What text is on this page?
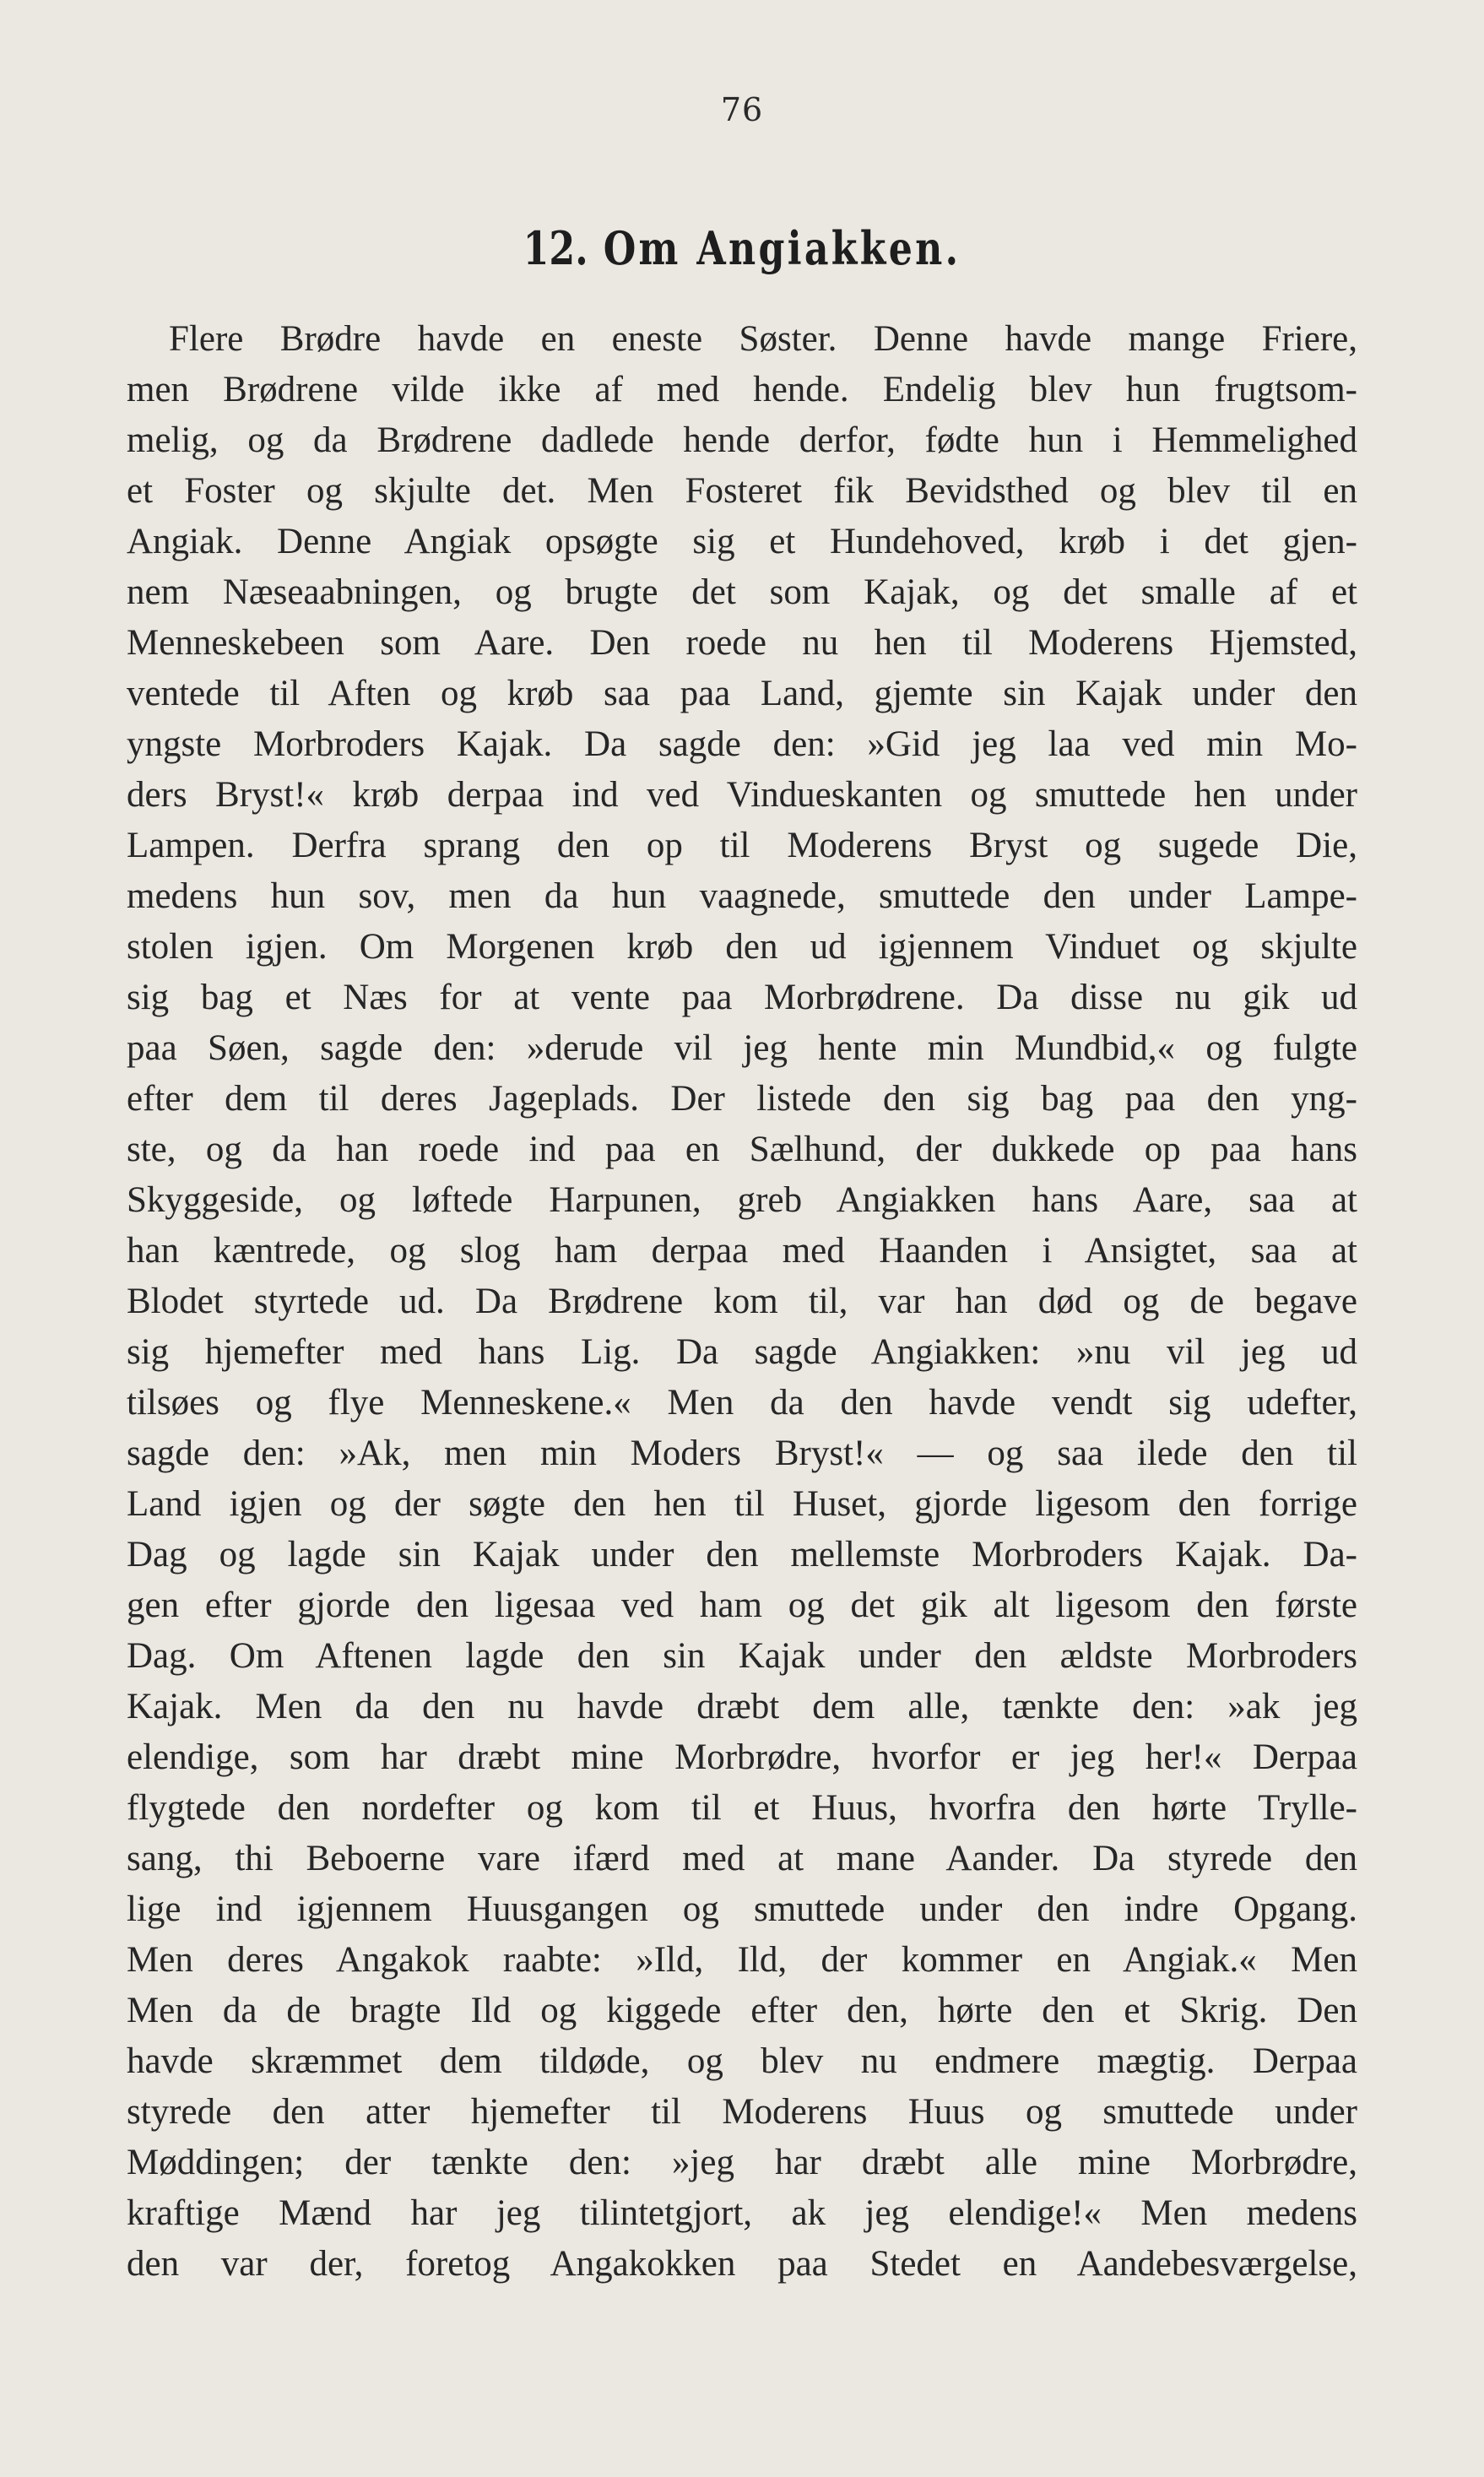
76
12. Om Angiakken.
Flere Brødre havde en eneste Søster. Denne havde mange Friere,
men Brødrene vilde ikke af med hende. Endelig blev hun frugtsom-
melig, og da Brødrene dadlede hende derfor, fødte hun i Hemmelighed
et Foster og skjulte det. Men Fosteret fik Bevidsthed og blev til en
Angiak. Denne Angiak opsøgte sig et Hundehoved, krøb i det gjen-
nem Næseaabningen, og brugte det som Kajak, og det smalle af et
Menneskebeen som Aare. Den roede nu hen til Moderens Hjemsted,
ventede til Aften og krøb saa paa Land, gjemte sin Kajak under den
yngste Morbroders Kajak. Da sagde den: »Gid jeg laa ved min Mo-
ders Bryst!« krøb derpaa ind ved Vindueskanten og smuttede hen under
Lampen. Derfra sprang den op til Moderens Bryst og sugede Die,
medens hun sov, men da hun vaagnede, smuttede den under Lampe-
stolen igjen. Om Morgenen krøb den ud igjennem Vinduet og skjulte
sig bag et Næs for at vente paa Morbrødrene. Da disse nu gik ud
paa Søen, sagde den: »derude vil jeg hente min Mundbid,« og fulgte
efter dem til deres Jageplads. Der listede den sig bag paa den yng-
ste, og da han roede ind paa en Sælhund, der dukkede op paa hans
Skyggeside, og løftede Harpunen, greb Angiakken hans Aare, saa at
han kæntrede, og slog ham derpaa med Haanden i Ansigtet, saa at
Blodet styrtede ud. Da Brødrene kom til, var han død og de begave
sig hjemefter med hans Lig. Da sagde Angiakken: »nu vil jeg ud
tilsøes og flye Menneskene.« Men da den havde vendt sig udefter,
sagde den: »Ak, men min Moders Bryst!« — og saa ilede den til
Land igjen og der søgte den hen til Huset, gjorde ligesom den forrige
Dag og lagde sin Kajak under den mellemste Morbroders Kajak. Da-
gen efter gjorde den ligesaa ved ham og det gik alt ligesom den første
Dag. Om Aftenen lagde den sin Kajak under den ældste Morbroders
Kajak. Men da den nu havde dræbt dem alle, tænkte den: »ak jeg
elendige, som har dræbt mine Morbrødre, hvorfor er jeg her!« Derpaa
flygtede den nordefter og kom til et Huus, hvorfra den hørte Trylle-
sang, thi Beboerne vare ifærd med at mane Aander. Da styrede den
lige ind igjennem Huusgangen og smuttede under den indre Opgang.
Men deres Angakok raabte: »Ild, Ild, der kommer en Angiak.« Men
Men da de bragte Ild og kiggede efter den, hørte den et Skrig. Den
havde skræmmet dem tildøde, og blev nu endmere mægtig. Derpaa
styrede den atter hjemefter til Moderens Huus og smuttede under
Møddingen; der tænkte den: »jeg har dræbt alle mine Morbrødre,
kraftige Mænd har jeg tilintetgjort, ak jeg elendige!« Men medens
den var der, foretog Angakokken paa Stedet en Aandebesværgelse,
